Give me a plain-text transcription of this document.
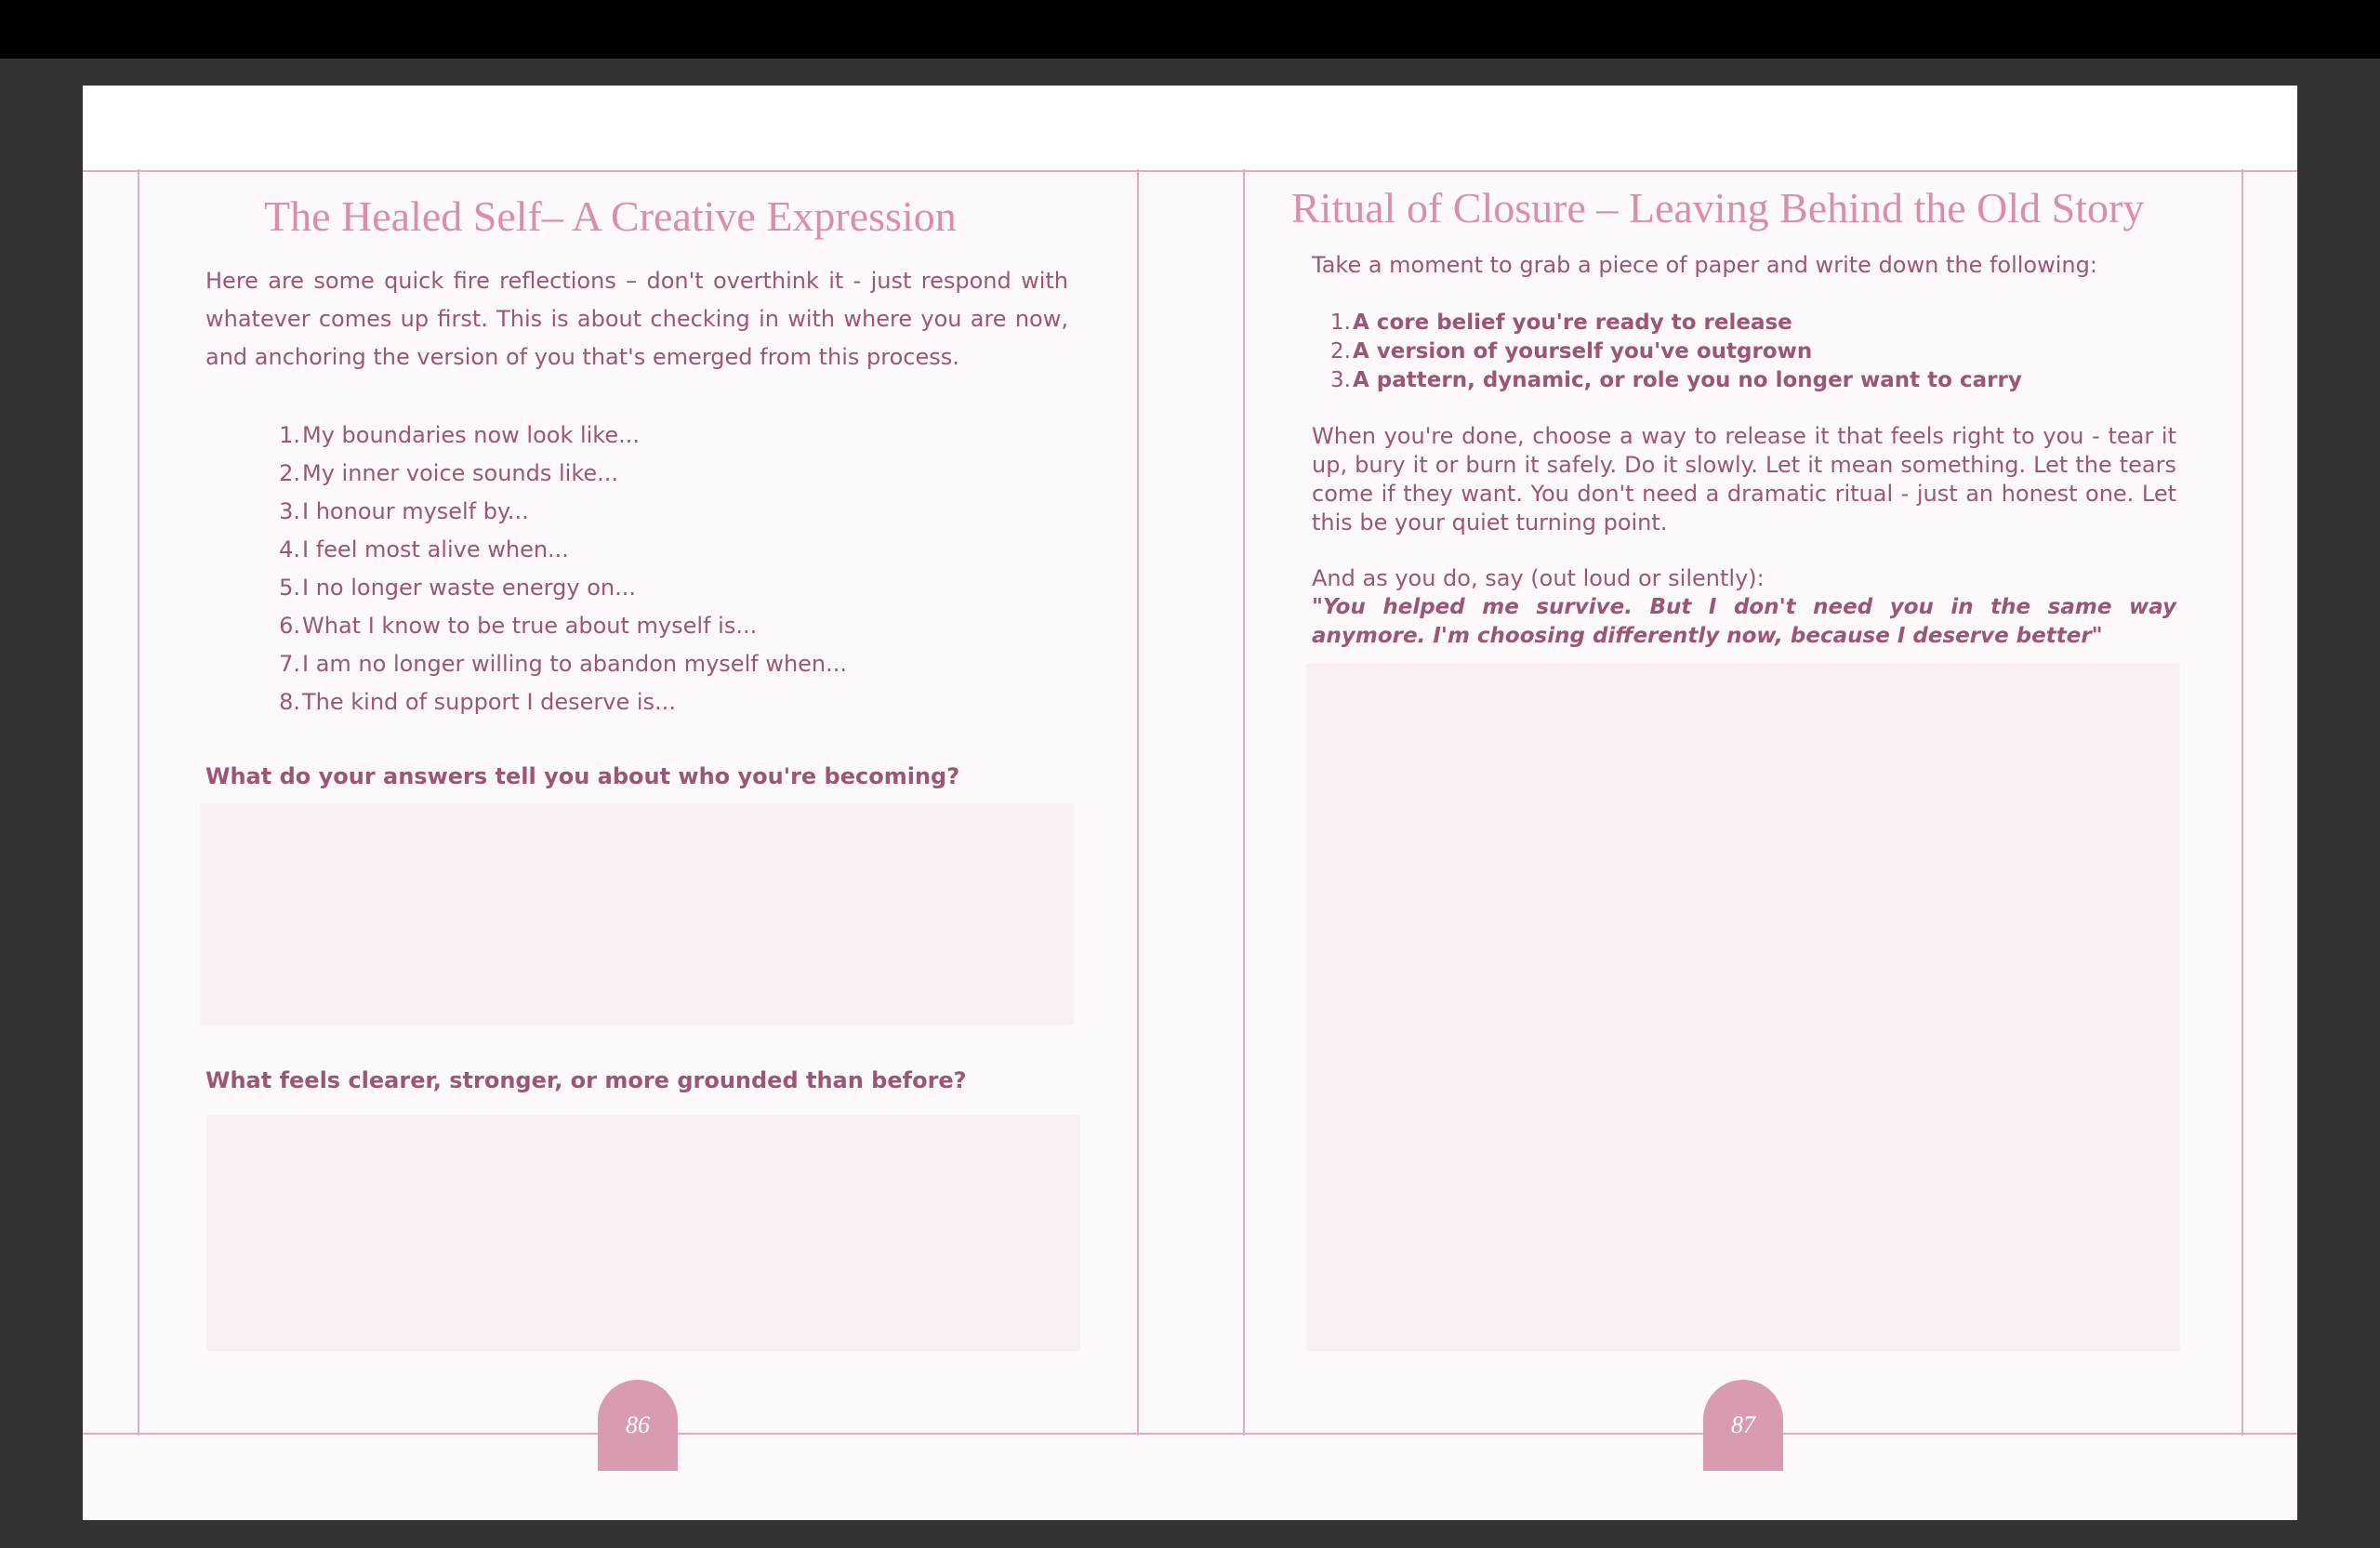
The Healed Self– A Creative Expression

Here are some quick fire reflections – don't overthink it - just respond with whatever comes up first. This is about checking in with where you are now, and anchoring the version of you that's emerged from this process.

1. My boundaries now look like...
2. My inner voice sounds like...
3. I honour myself by...
4. I feel most alive when...
5. I no longer waste energy on...
6. What I know to be true about myself is...
7. I am no longer willing to abandon myself when...
8. The kind of support I deserve is...

What do your answers tell you about who you're becoming?

What feels clearer, stronger, or more grounded than before?

86
Ritual of Closure – Leaving Behind the Old Story

Take a moment to grab a piece of paper and write down the following:

1. A core belief you're ready to release
2. A version of yourself you've outgrown
3. A pattern, dynamic, or role you no longer want to carry

When you're done, choose a way to release it that feels right to you - tear it up, bury it or burn it safely. Do it slowly. Let it mean something. Let the tears come if they want. You don't need a dramatic ritual - just an honest one. Let this be your quiet turning point.

And as you do, say (out loud or silently):

"You helped me survive. But I don't need you in the same way anymore. I'm choosing differently now, because I deserve better"

87
